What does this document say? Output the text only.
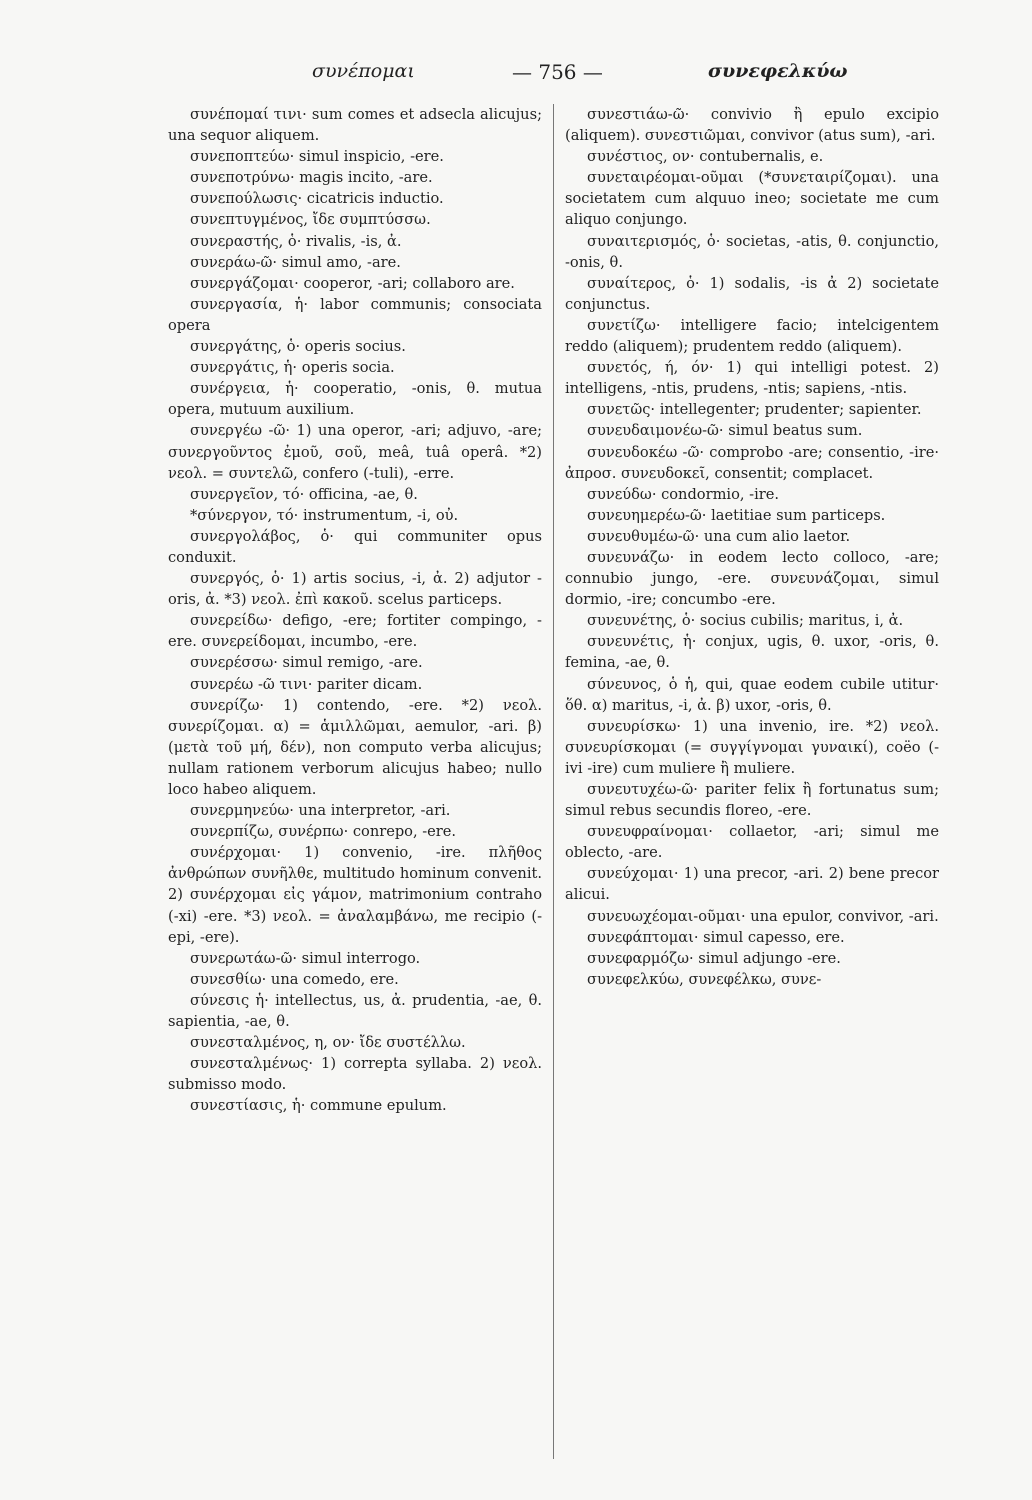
συνέπομαι	— 756 —	συνεφελκύω

συνέπομαί τινι· sum comes et adsecla alicujus; una sequor aliquem.

συνεποπτεύω· simul inspicio, -ere.

συνεποτρύνω· magis incito, -are.

συνεπούλωσις· cicatricis inductio.

συνεπτυγμένος, ἴδε συμπτύσσω.

συνεραστής, ὁ· rivalis, -is, ἀ.

συνεράω-ῶ· simul amo, -are.

συνεργάζομαι· cooperor, -ari; collaboro are.

συνεργασία, ἡ· labor communis; consociata opera

συνεργάτης, ὁ· operis socius.

συνεργάτις, ἡ· operis socia.

συνέργεια, ἡ· cooperatio, -onis, θ. mutua opera, mutuum auxilium.

συνεργέω -ῶ· 1) una operor, -ari; adjuvo, -are; συνεργοῦντος ἐμοῦ, σοῦ, meâ, tuâ operâ. *2) νεολ. = συντελῶ, confero (-tuli), -erre.

συνεργεῖον, τό· officina, -ae, θ.

*σύνεργον, τό· instrumentum, -i, οὐ.

συνεργολάβος, ὁ· qui communiter opus conduxit.

συνεργός, ὁ· 1) artis socius, -i, ἀ. 2) adjutor -oris, ἀ. *3) νεολ. ἐπὶ κακοῦ. scelus particeps.

συνερείδω· defigo, -ere; fortiter compingo, -ere. συνερείδομαι, incumbo, -ere.

συνερέσσω· simul remigo, -are.

συνερέω -ῶ τινι· pariter dicam.

συνερίζω· 1) contendo, -ere. *2) νεολ. συνερίζομαι. α) = ἁμιλλῶμαι, aemulor, -ari. β) (μετὰ τοῦ μή, δέν), non computo verba alicujus; nullam rationem verborum alicujus habeo; nullo loco habeo aliquem.

συνερμηνεύω· una interpretor, -ari.

συνερπίζω, συνέρπω· conrepo, -ere.

συνέρχομαι· 1) convenio, -ire. πλῆθος ἀνθρώπων συνῆλθε, multitudo hominum convenit. 2) συνέρχομαι εἰς γάμον, matrimonium contraho (-xi) -ere. *3) νεολ. = ἀναλαμβάνω, me recipio (-epi, -ere).

συνερωτάω-ῶ· simul interrogo.

συνεσθίω· una comedo, ere.

σύνεσις ἡ· intellectus, us, ἀ. prudentia, -ae, θ. sapientia, -ae, θ.

συνεσταλμένος, η, ον· ἴδε συστέλλω.

συνεσταλμένως· 1) correpta syllaba. 2) νεολ. submisso modo.

συνεστίασις, ἡ· commune epulum.

συνεστιάω-ῶ· convivio ἢ epulo excipio (aliquem). συνεστιῶμαι, convivor (atus sum), -ari.

συνέστιος, ον· contubernalis, e.

συνεταιρέομαι-οῦμαι (*συνεταιρίζομαι). una societatem cum alquuo ineo; societate me cum aliquo conjungo.

συναιτερισμός, ὁ· societas, -atis, θ. conjunctio, -onis, θ.

συναίτερος, ὁ· 1) sodalis, -is ἀ 2) societate conjunctus.

συνετίζω· intelligere facio; intelcigentem reddo (aliquem); prudentem reddo (aliquem).

συνετός, ή, όν· 1) qui intelligi potest. 2) intelligens, -ntis, prudens, -ntis; sapiens, -ntis.

συνετῶς· intellegenter; prudenter; sapienter.

συνευδαιμονέω-ῶ· simul beatus sum.

συνευδοκέω -ῶ· comprobo -are; consentio, -ire· ἀπροσ. συνευδοκεῖ, consentit; complacet.

συνεύδω· condormio, -ire.

συνευημερέω-ῶ· laetitiae sum particeps.

συνευθυμέω-ῶ· una cum alio laetor.

συνευνάζω· in eodem lecto colloco, -are; connubio jungo, -ere. συνευνάζομαι, simul dormio, -ire; concumbo -ere.

συνευνέτης, ὁ· socius cubilis; maritus, i, ἀ.

συνευνέτις, ἡ· conjux, ugis, θ. uxor, -oris, θ. femina, -ae, θ.

σύνευνος, ὁ ἡ, qui, quae eodem cubile utitur· ὅθ. α) maritus, -i, ἀ. β) uxor, -oris, θ.

συνευρίσκω· 1) una invenio, ire. *2) νεολ. συνευρίσκομαι (= συγγίγνομαι γυναικί), coëo (-ivi -ire) cum muliere ἢ muliere.

συνευτυχέω-ῶ· pariter felix ἢ fortunatus sum; simul rebus secundis floreo, -ere.

συνευφραίνομαι· collaetor, -ari; simul me oblecto, -are.

συνεύχομαι· 1) una precor, -ari. 2) bene precor alicui.

συνευωχέομαι-οῦμαι· una epulor, convivor, -ari.

συνεφάπτομαι· simul capesso, ere.

συνεφαρμόζω· simul adjungo -ere.

συνεφελκύω, συνεφέλκω, συνε-
